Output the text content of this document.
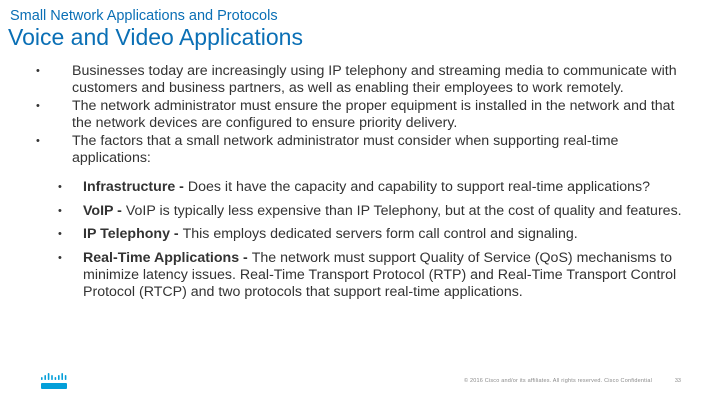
Small Network Applications and Protocols
Voice and Video Applications
• Businesses today are increasingly using IP telephony and streaming media to communicate with customers and business partners, as well as enabling their employees to work remotely.
• The network administrator must ensure the proper equipment is installed in the network and that the network devices are configured to ensure priority delivery.
• The factors that a small network administrator must consider when supporting real-time applications:
• Infrastructure - Does it have the capacity and capability to support real-time applications?
• VoIP - VoIP is typically less expensive than IP Telephony, but at the cost of quality and features.
• IP Telephony - This employs dedicated servers form call control and signaling.
• Real-Time Applications - The network must support Quality of Service (QoS) mechanisms to minimize latency issues. Real-Time Transport Protocol (RTP) and Real-Time Transport Control Protocol (RTCP) and two protocols that support real-time applications.
© 2016 Cisco and/or its affiliates. All rights reserved. Cisco Confidential	33
